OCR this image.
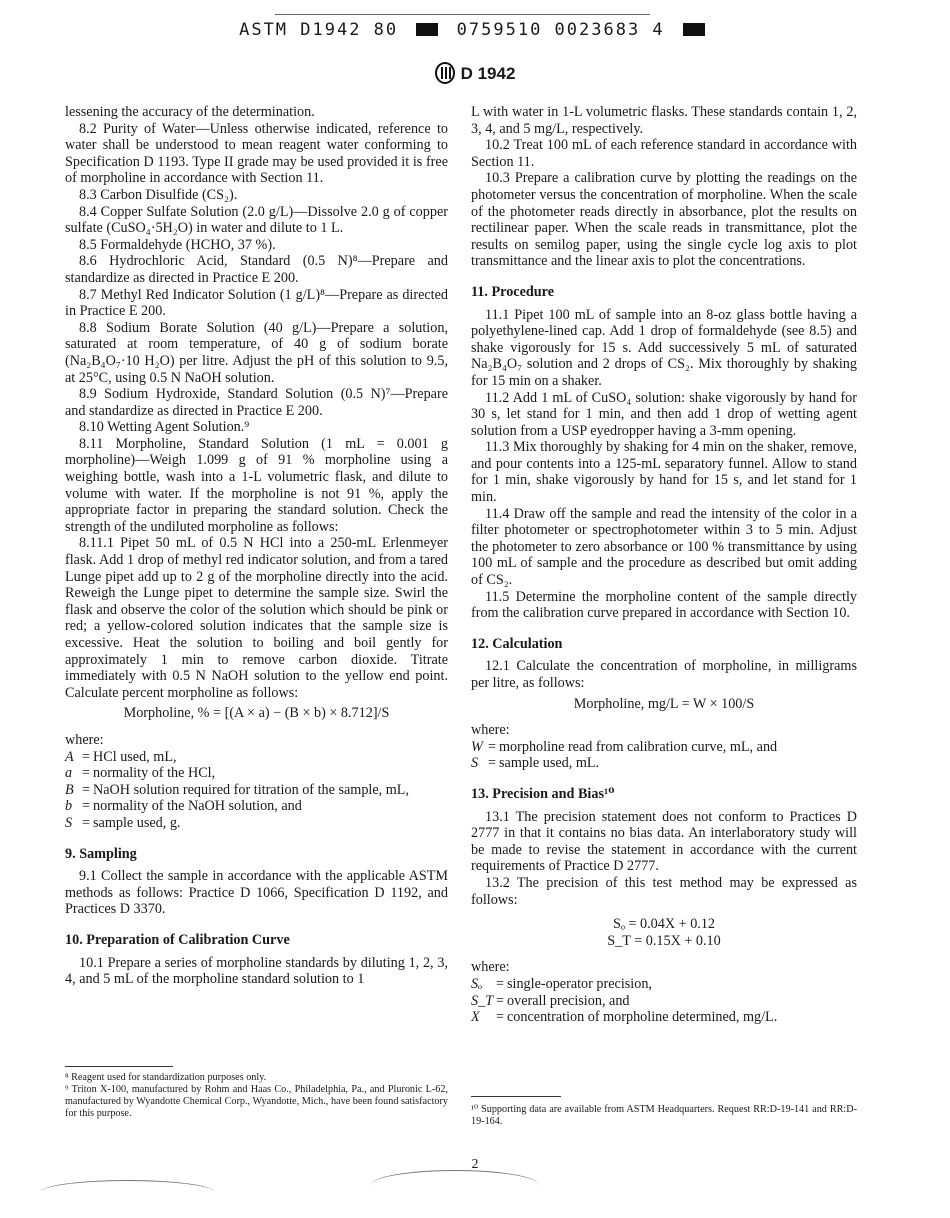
ASTM D1942 80	0759510 0023683 4
D 1942

lessening the accuracy of the determination.

8.2 Purity of Water—Unless otherwise indicated, reference to water shall be understood to mean reagent water conforming to Specification D 1193. Type II grade may be used provided it is free of morpholine in accordance with Section 11.

8.3 Carbon Disulfide (CS₂).

8.4 Copper Sulfate Solution (2.0 g/L)—Dissolve 2.0 g of copper sulfate (CuSO₄·5H₂O) in water and dilute to 1 L.

8.5 Formaldehyde (HCHO, 37 %).

8.6 Hydrochloric Acid, Standard (0.5 N)⁸—Prepare and standardize as directed in Practice E 200.

8.7 Methyl Red Indicator Solution (1 g/L)⁸—Prepare as directed in Practice E 200.

8.8 Sodium Borate Solution (40 g/L)—Prepare a solution, saturated at room temperature, of 40 g of sodium borate (Na₂B₄O₇·10 H₂O) per litre. Adjust the pH of this solution to 9.5, at 25°C, using 0.5 N NaOH solution.

8.9 Sodium Hydroxide, Standard Solution (0.5 N)⁷—Prepare and standardize as directed in Practice E 200.

8.10 Wetting Agent Solution.⁹

8.11 Morpholine, Standard Solution (1 mL = 0.001 g morpholine)—Weigh 1.099 g of 91 % morpholine using a weighing bottle, wash into a 1-L volumetric flask, and dilute to volume with water. If the morpholine is not 91 %, apply the appropriate factor in preparing the standard solution. Check the strength of the undiluted morpholine as follows:

8.11.1 Pipet 50 mL of 0.5 N HCl into a 250-mL Erlenmeyer flask. Add 1 drop of methyl red indicator solution, and from a tared Lunge pipet add up to 2 g of the morpholine directly into the acid. Reweigh the Lunge pipet to determine the sample size. Swirl the flask and observe the color of the solution which should be pink or red; a yellow-colored solution indicates that the sample size is excessive. Heat the solution to boiling and boil gently for approximately 1 min to remove carbon dioxide. Titrate immediately with 0.5 N NaOH solution to the yellow end point. Calculate percent morpholine as follows:

Morpholine, % = [(A × a) − (B × b) × 8.712]/S

where:

A = HCl used, mL,
a = normality of the HCl,
B = NaOH solution required for titration of the sample, mL,
b = normality of the NaOH solution, and
S = sample used, g.

9. Sampling

9.1 Collect the sample in accordance with the applicable ASTM methods as follows: Practice D 1066, Specification D 1192, and Practices D 3370.

10. Preparation of Calibration Curve

10.1 Prepare a series of morpholine standards by diluting 1, 2, 3, 4, and 5 mL of the morpholine standard solution to 1

⁸ Reagent used for standardization purposes only.
⁹ Triton X-100, manufactured by Rohm and Haas Co., Philadelphia, Pa., and Pluronic L-62, manufactured by Wyandotte Chemical Corp., Wyandotte, Mich., have been found satisfactory for this purpose.

L with water in 1-L volumetric flasks. These standards contain 1, 2, 3, 4, and 5 mg/L, respectively.

10.2 Treat 100 mL of each reference standard in accordance with Section 11.

10.3 Prepare a calibration curve by plotting the readings on the photometer versus the concentration of morpholine. When the scale of the photometer reads directly in absorbance, plot the results on rectilinear paper. When the scale reads in transmittance, plot the results on semilog paper, using the single cycle log axis to plot transmittance and the linear axis to plot the concentrations.

11. Procedure

11.1 Pipet 100 mL of sample into an 8-oz glass bottle having a polyethylene-lined cap. Add 1 drop of formaldehyde (see 8.5) and shake vigorously for 15 s. Add successively 5 mL of saturated Na₂B₄O₇ solution and 2 drops of CS₂. Mix thoroughly by shaking for 15 min on a shaker.

11.2 Add 1 mL of CuSO₄ solution: shake vigorously by hand for 30 s, let stand for 1 min, and then add 1 drop of wetting agent solution from a USP eyedropper having a 3-mm opening.

11.3 Mix thoroughly by shaking for 4 min on the shaker, remove, and pour contents into a 125-mL separatory funnel. Allow to stand for 1 min, shake vigorously by hand for 15 s, and let stand for 1 min.

11.4 Draw off the sample and read the intensity of the color in a filter photometer or spectrophotometer within 3 to 5 min. Adjust the photometer to zero absorbance or 100 % transmittance by using 100 mL of sample and the procedure as described but omit adding of CS₂.

11.5 Determine the morpholine content of the sample directly from the calibration curve prepared in accordance with Section 10.

12. Calculation

12.1 Calculate the concentration of morpholine, in milligrams per litre, as follows:

Morpholine, mg/L = W × 100/S

where:

W = morpholine read from calibration curve, mL, and
S = sample used, mL.

13. Precision and Bias¹⁰

13.1 The precision statement does not conform to Practices D 2777 in that it contains no bias data. An interlaboratory study will be made to revise the statement in accordance with the current requirements of Practice D 2777.

13.2 The precision of this test method may be expressed as follows:

Sₒ = 0.04X + 0.12
S_T = 0.15X + 0.10

where:

Sₒ = single-operator precision,
S_T = overall precision, and
X	= concentration of morpholine determined, mg/L.
¹⁰ Supporting data are available from ASTM Headquarters. Request RR:D-19-141 and RR:D-19-164.
2
